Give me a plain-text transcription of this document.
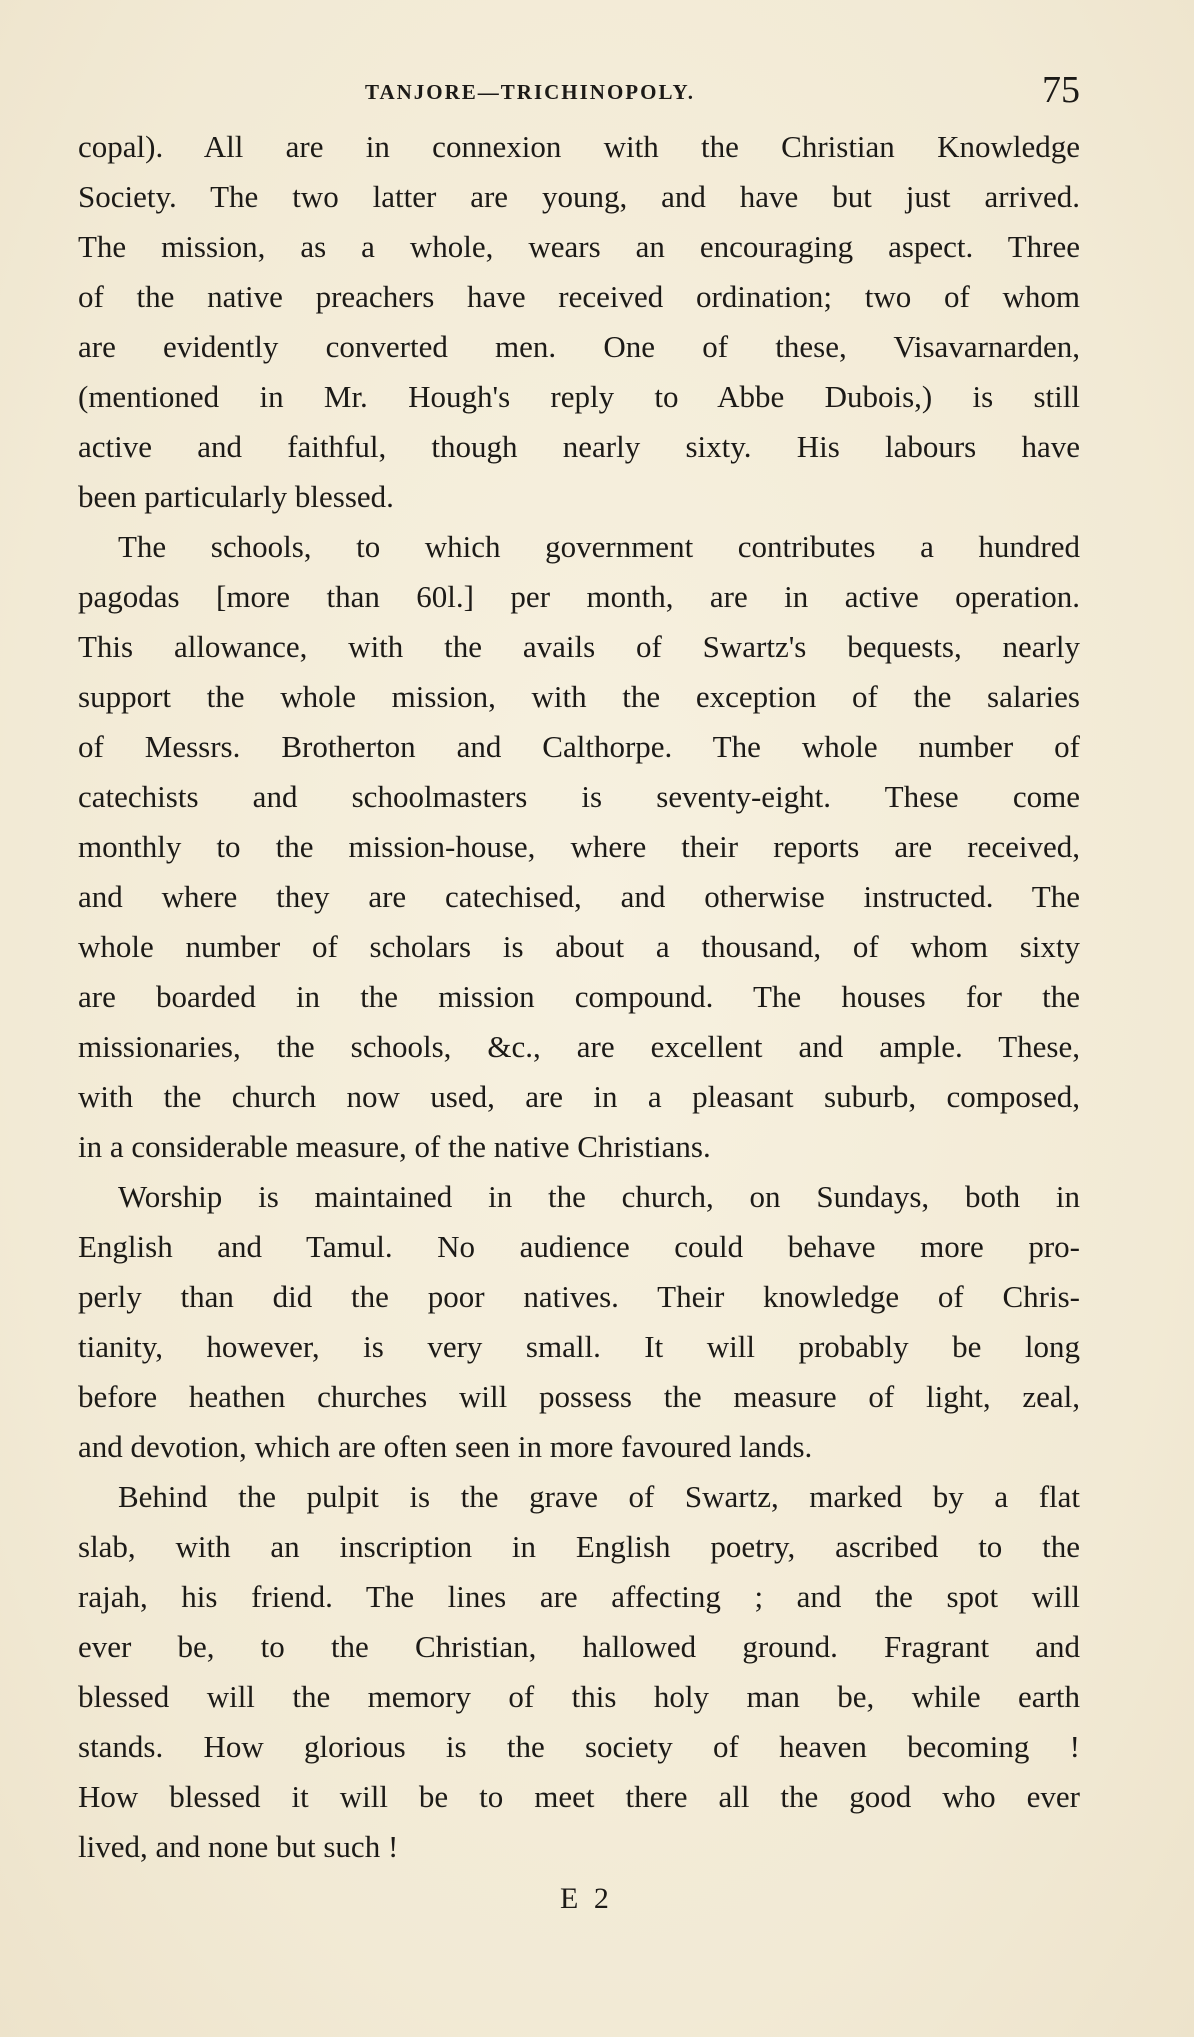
TANJORE—TRICHINOPOLY.	75
copal). All are in connexion with the Christian Knowledge
Society. The two latter are young, and have but just arrived.
The mission, as a whole, wears an encouraging aspect. Three
of the native preachers have received ordination; two of whom
are evidently converted men. One of these, Visavarnarden,
(mentioned in Mr. Hough's reply to Abbe Dubois,) is still
active and faithful, though nearly sixty. His labours have
been particularly blessed.
The schools, to which government contributes a hundred
pagodas [more than 60l.] per month, are in active operation.
This allowance, with the avails of Swartz's bequests, nearly
support the whole mission, with the exception of the salaries
of Messrs. Brotherton and Calthorpe. The whole number of
catechists and schoolmasters is seventy-eight. These come
monthly to the mission-house, where their reports are received,
and where they are catechised, and otherwise instructed. The
whole number of scholars is about a thousand, of whom sixty
are boarded in the mission compound. The houses for the
missionaries, the schools, &c., are excellent and ample. These,
with the church now used, are in a pleasant suburb, composed,
in a considerable measure, of the native Christians.
Worship is maintained in the church, on Sundays, both in
English and Tamul. No audience could behave more pro-
perly than did the poor natives. Their knowledge of Chris-
tianity, however, is very small. It will probably be long
before heathen churches will possess the measure of light, zeal,
and devotion, which are often seen in more favoured lands.
Behind the pulpit is the grave of Swartz, marked by a flat
slab, with an inscription in English poetry, ascribed to the
rajah, his friend. The lines are affecting ; and the spot will
ever be, to the Christian, hallowed ground. Fragrant and
blessed will the memory of this holy man be, while earth
stands. How glorious is the society of heaven becoming !
How blessed it will be to meet there all the good who ever
lived, and none but such !
E 2
